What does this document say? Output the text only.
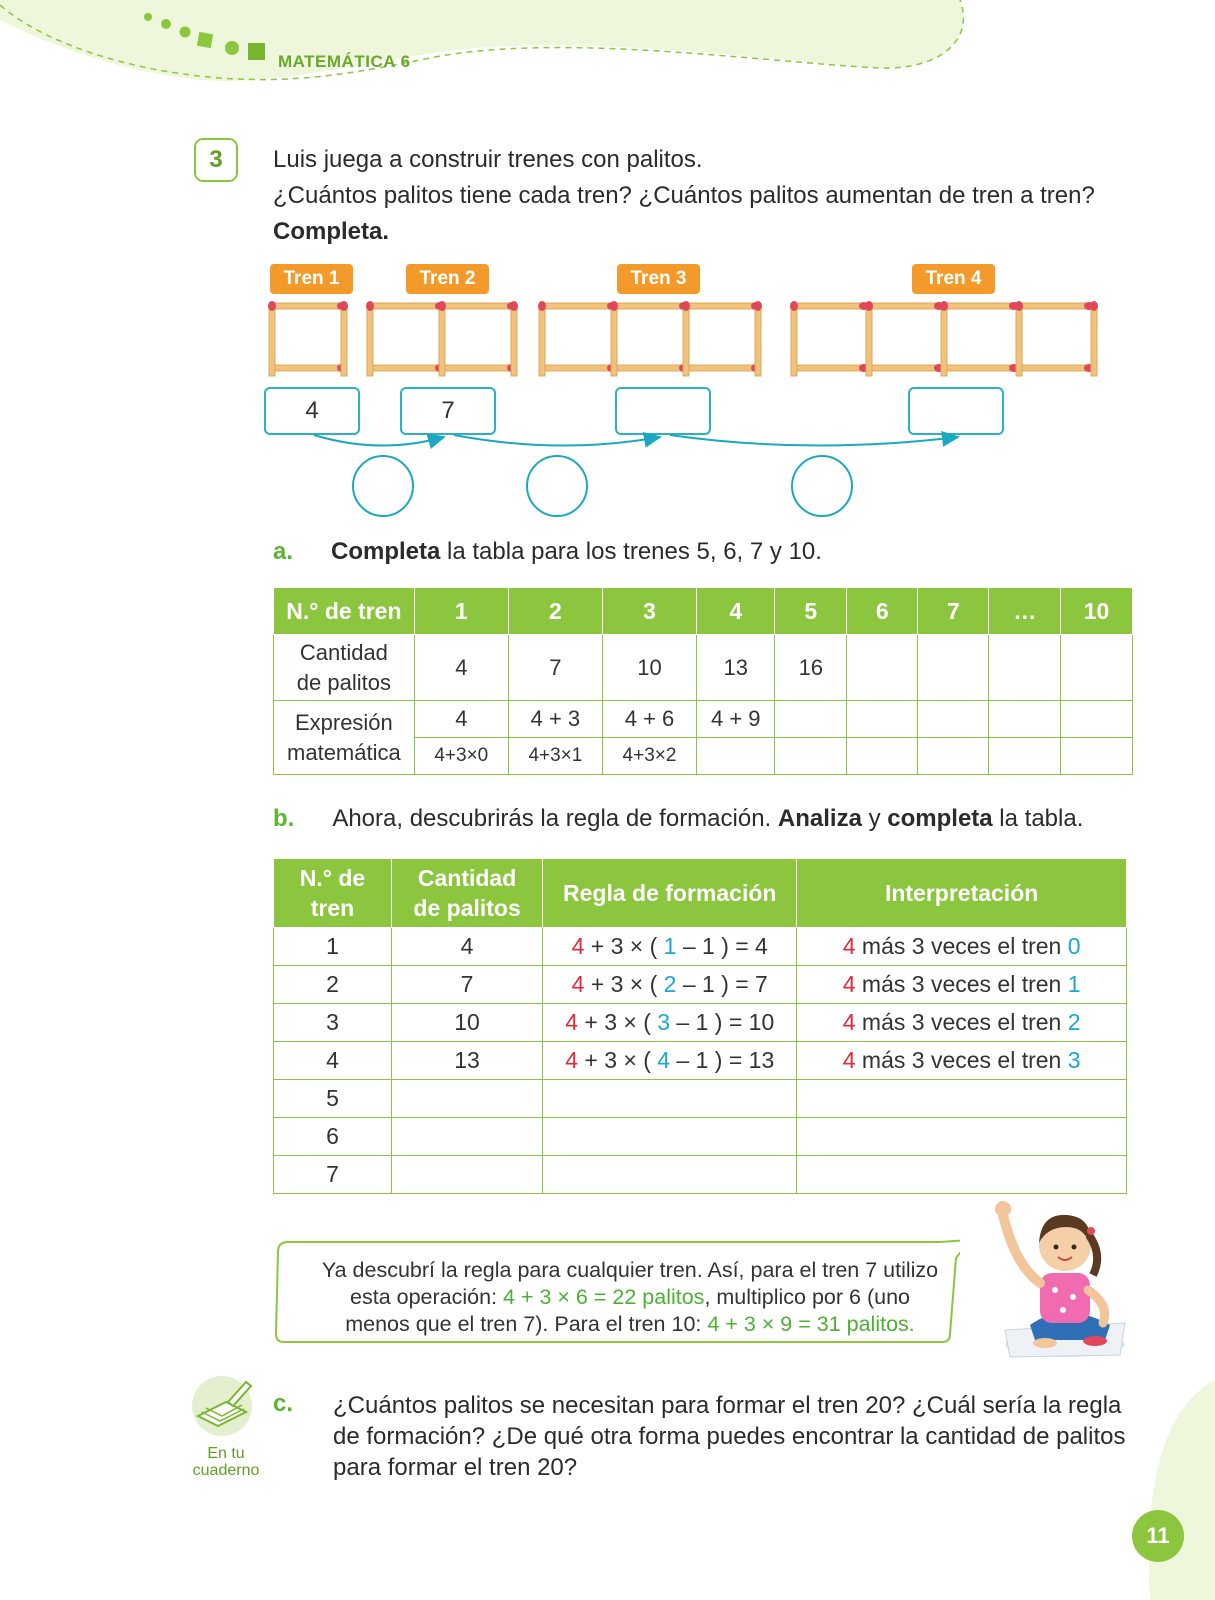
MATEMÁTICA 6
3	Luis juega a construir trenes con palitos.
¿Cuántos palitos tiene cada tren? ¿Cuántos palitos aumentan de tren a tren?
Completa.
Tren 1	Tren 2	Tren 3	Tren 4
4	7
a. Completa la tabla para los trenes 5, 6, 7 y 10.
N.° de tren	1	2	3	4	5	6	7	…	10
Cantidad
de palitos	4	7	10	13	16				
Expresión
matemática	4	4 + 3	4 + 6	4 + 9					
	4+3×0	4+3×1	4+3×2						
b. Ahora, descubrirás la regla de formación. Analiza y completa la tabla.
N.° de
tren	Cantidad
de palitos	Regla de formación	Interpretación
1	4	4 + 3 × ( 1 – 1 ) = 4	4 más 3 veces el tren 0
2	7	4 + 3 × ( 2 – 1 ) = 7	4 más 3 veces el tren 1
3	10	4 + 3 × ( 3 – 1 ) = 10	4 más 3 veces el tren 2
4	13	4 + 3 × ( 4 – 1 ) = 13	4 más 3 veces el tren 3
5			
6			
7			
Ya descubrí la regla para cualquier tren. Así, para el tren 7 utilizo
esta operación: 4 + 3 × 6 = 22 palitos, multiplico por 6 (uno
menos que el tren 7). Para el tren 10: 4 + 3 × 9 = 31 palitos.
En tu
cuaderno
c. ¿Cuántos palitos se necesitan para formar el tren 20? ¿Cuál sería la regla de formación? ¿De qué otra forma puedes encontrar la cantidad de palitos para formar el tren 20?
11
